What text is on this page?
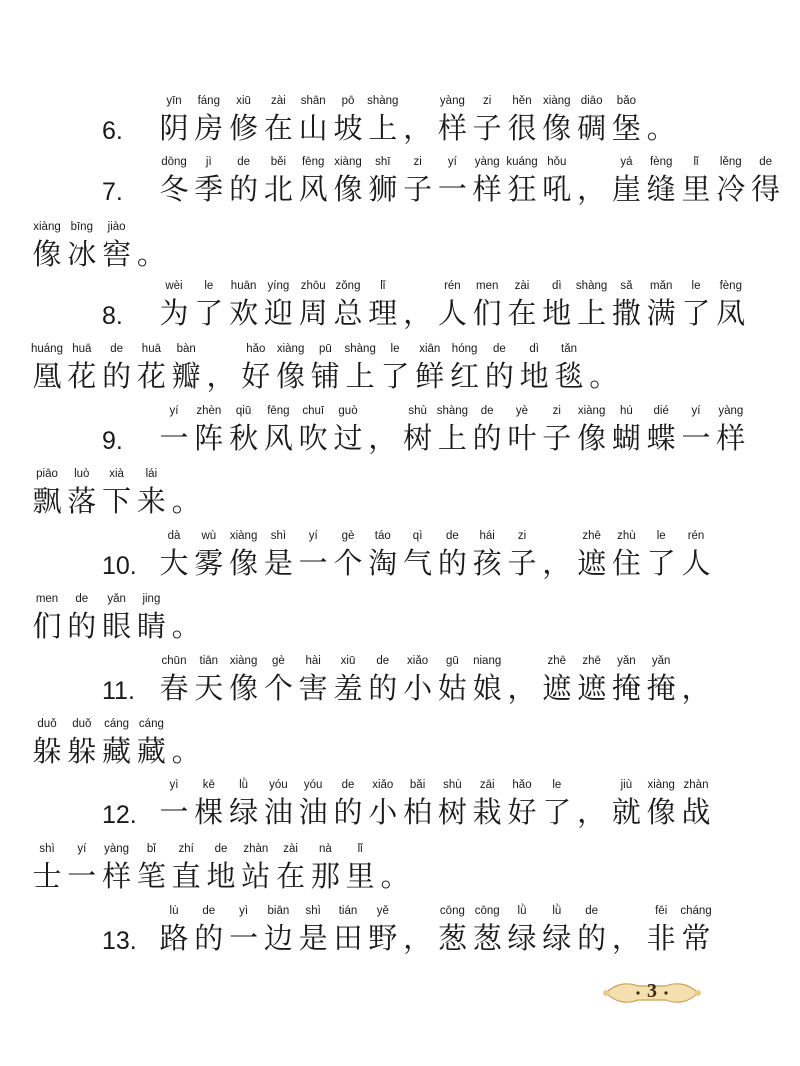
6.
yīn
阴
fáng
房
xiū
修
zài
在
shān
山
pō
坡
shàng
上 ，
yàng
样
zi
子
hěn
很
xiàng
像
diāo
碉
bǎo
堡 。
7.
dōng
冬
jì
季
de
的
běi
北
fēng
风
xiàng
像
shī
狮
zi
子
yí
一
yàng
样
kuáng
狂
hǒu
吼 ，
yá
崖
fèng
缝
lǐ
里
lěng
冷
de
得
xiàng
像
bīng
冰
jiào
窖 。
8.
wèi
为
le
了
huān
欢
yíng
迎
zhōu
周
zǒng
总
lǐ
理 ，
rén
人
men
们
zài
在
dì
地
shàng
上
sǎ
撒
mǎn
满
le
了
fèng
凤
huáng
凰
huā
花
de
的
huā
花
bàn
瓣 ，
hǎo
好
xiàng
像
pū
铺
shàng
上
le
了
xiān
鲜
hóng
红
de
的
dì
地
tǎn
毯 。
9.
yí
一
zhèn
阵
qiū
秋
fēng
风
chuī
吹
guò
过 ，
shù
树
shàng
上
de
的
yè
叶
zi
子
xiàng
像
hú
蝴
dié
蝶
yí
一
yàng
样
piāo
飘
luò
落
xià
下
lái
来 。
10.
dà
大
wù
雾
xiàng
像
shì
是
yí
一
gè
个
táo
淘
qì
气
de
的
hái
孩
zi
子 ，
zhē
遮
zhù
住
le
了
rén
人
men
们
de
的
yǎn
眼
jing
睛 。
11.
chūn
春
tiān
天
xiàng
像
gè
个
hài
害
xiū
羞
de
的
xiǎo
小
gū
姑
niang
娘 ，
zhē
遮
zhē
遮
yǎn
掩
yǎn
掩 ，
duǒ
躲
duǒ
躲
cáng
藏
cáng
藏 。
12.
yì
一
kē
棵
lǜ
绿
yóu
油
yóu
油
de
的
xiǎo
小
bǎi
柏
shù
树
zāi
栽
hǎo
好
le
了 ，
jiù
就
xiàng
像
zhàn
战
shì
士
yí
一
yàng
样
bǐ
笔
zhí
直
de
地
zhàn
站
zài
在
nà
那
lǐ
里 。
13.
lù
路
de
的
yì
一
biān
边
shì
是
tián
田
yě
野 ，
cōng
葱
cōng
葱
lǜ
绿
lǜ
绿
de
的 ，
fēi
非
cháng
常
3
